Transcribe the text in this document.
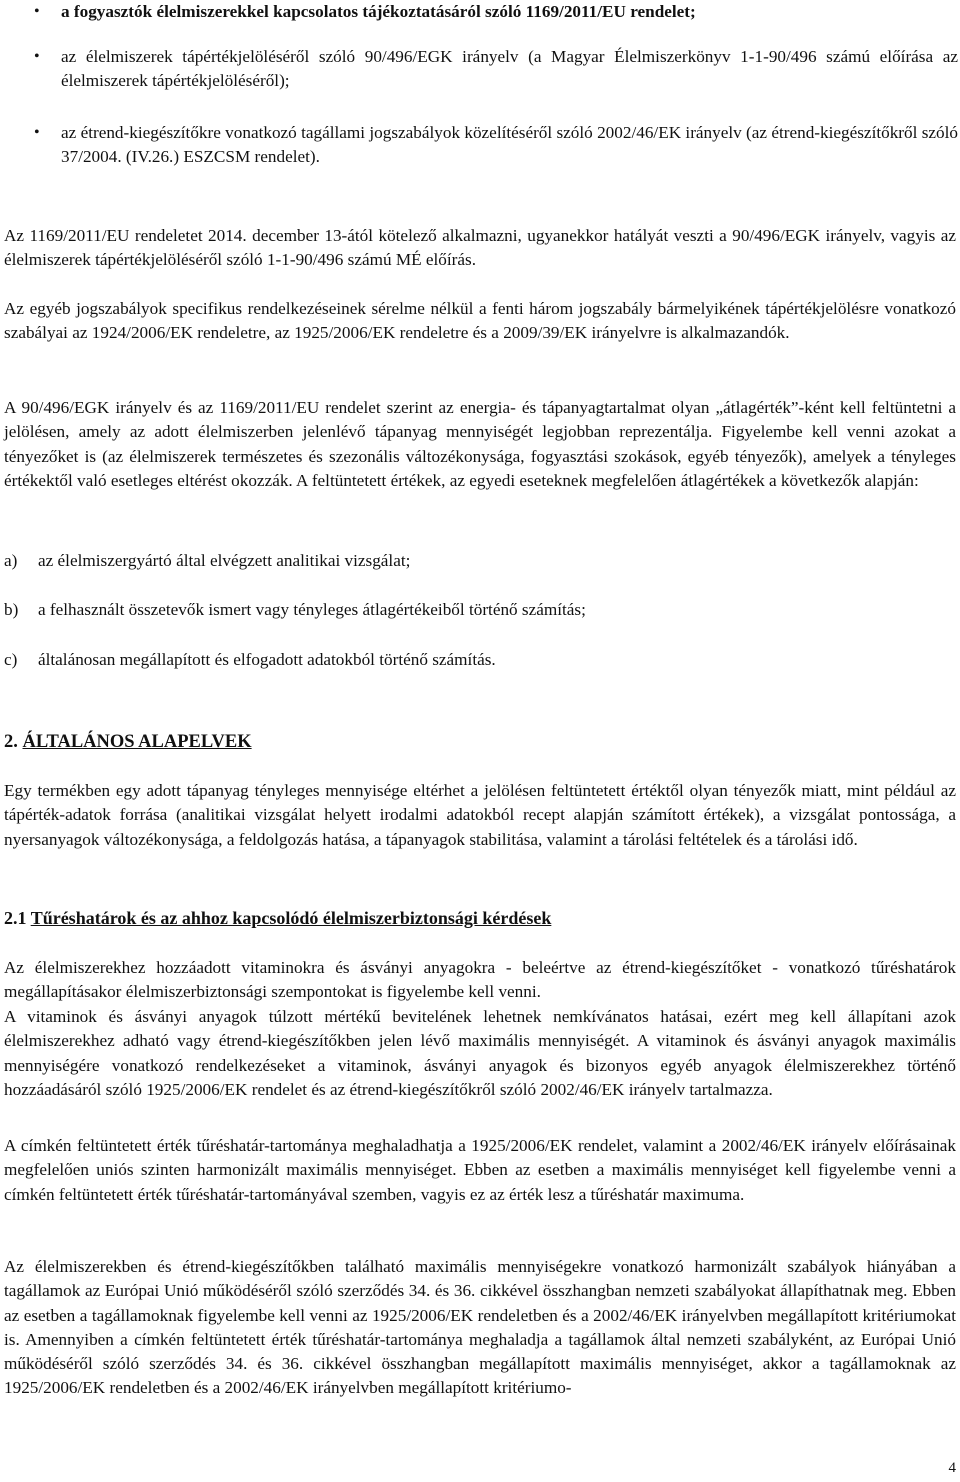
• a fogyasztók élelmiszerekkel kapcsolatos tájékoztatásáról szóló 1169/2011/EU rendelet;
• az élelmiszerek tápértékjelöléséről szóló 90/496/EGK irányelv (a Magyar Élelmiszerkönyv 1-1-90/496 számú előírása az élelmiszerek tápértékjelöléséről);
• az étrend-kiegészítőkre vonatkozó tagállami jogszabályok közelítéséről szóló 2002/46/EK irányelv (az étrend-kiegészítőkről szóló 37/2004. (IV.26.) ESZCSM rendelet).
Az 1169/2011/EU rendeletet 2014. december 13-ától kötelező alkalmazni, ugyanekkor hatályát veszti a 90/496/EGK irányelv, vagyis az élelmiszerek tápértékjelöléséről szóló 1-1-90/496 számú MÉ előírás.
Az egyéb jogszabályok specifikus rendelkezéseinek sérelme nélkül a fenti három jogszabály bármelyikének tápértékjelölésre vonatkozó szabályai az 1924/2006/EK rendeletre, az 1925/2006/EK rendeletre és a 2009/39/EK irányelvre is alkalmazandók.
A 90/496/EGK irányelv és az 1169/2011/EU rendelet szerint az energia- és tápanyagtartalmat olyan „átlagérték”-ként kell feltüntetni a jelölésen, amely az adott élelmiszerben jelenlévő tápanyag mennyiségét legjobban reprezentálja. Figyelembe kell venni azokat a tényezőket is (az élelmiszerek természetes és szezonális változékonysága, fogyasztási szokások, egyéb tényezők), amelyek a tényleges értékektől való esetleges eltérést okozzák. A feltüntetett értékek, az egyedi eseteknek megfelelően átlagértékek a következők alapján:
a) az élelmiszergyártó által elvégzett analitikai vizsgálat;
b) a felhasznált összetevők ismert vagy tényleges átlagértékeiből történő számítás;
c) általánosan megállapított és elfogadott adatokból történő számítás.
2. ÁLTALÁNOS ALAPELVEK
Egy termékben egy adott tápanyag tényleges mennyisége eltérhet a jelölésen feltüntetett értéktől olyan tényezők miatt, mint például az tápérték-adatok forrása (analitikai vizsgálat helyett irodalmi adatokból recept alapján számított értékek), a vizsgálat pontossága, a nyersanyagok változékonysága, a feldolgozás hatása, a tápanyagok stabilitása, valamint a tárolási feltételek és a tárolási idő.
2.1 Tűréshatárok és az ahhoz kapcsolódó élelmiszerbiztonsági kérdések
Az élelmiszerekhez hozzáadott vitaminokra és ásványi anyagokra - beleértve az étrend-kiegészítőket - vonatkozó tűréshatárok megállapításakor élelmiszerbiztonsági szempontokat is figyelembe kell venni.
A vitaminok és ásványi anyagok túlzott mértékű bevitelének lehetnek nemkívánatos hatásai, ezért meg kell állapítani azok élelmiszerekhez adható vagy étrend-kiegészítőkben jelen lévő maximális mennyiségét. A vitaminok és ásványi anyagok maximális mennyiségére vonatkozó rendelkezéseket a vitaminok, ásványi anyagok és bizonyos egyéb anyagok élelmiszerekhez történő hozzáadásáról szóló 1925/2006/EK rendelet és az étrend-kiegészítőkről szóló 2002/46/EK irányelv tartalmazza.
A címkén feltüntetett érték tűréshatár-tartománya meghaladhatja a 1925/2006/EK rendelet, valamint a 2002/46/EK irányelv előírásainak megfelelően uniós szinten harmonizált maximális mennyiséget. Ebben az esetben a maximális mennyiséget kell figyelembe venni a címkén feltüntetett érték tűréshatár-tartományával szemben, vagyis ez az érték lesz a tűréshatár maximuma.
Az élelmiszerekben és étrend-kiegészítőkben található maximális mennyiségekre vonatkozó harmonizált szabályok hiányában a tagállamok az Európai Unió működéséről szóló szerződés 34. és 36. cikkével összhangban nemzeti szabályokat állapíthatnak meg. Ebben az esetben a tagállamoknak figyelembe kell venni az 1925/2006/EK rendeletben és a 2002/46/EK irányelvben megállapított kritériumokat is. Amennyiben a címkén feltüntetett érték tűréshatár-tartománya meghaladja a tagállamok által nemzeti szabályként, az Európai Unió működéséről szóló szerződés 34. és 36. cikkével összhangban megállapított maximális mennyiséget, akkor a tagállamoknak az 1925/2006/EK rendeletben és a 2002/46/EK irányelvben megállapított kritériumo-
4
